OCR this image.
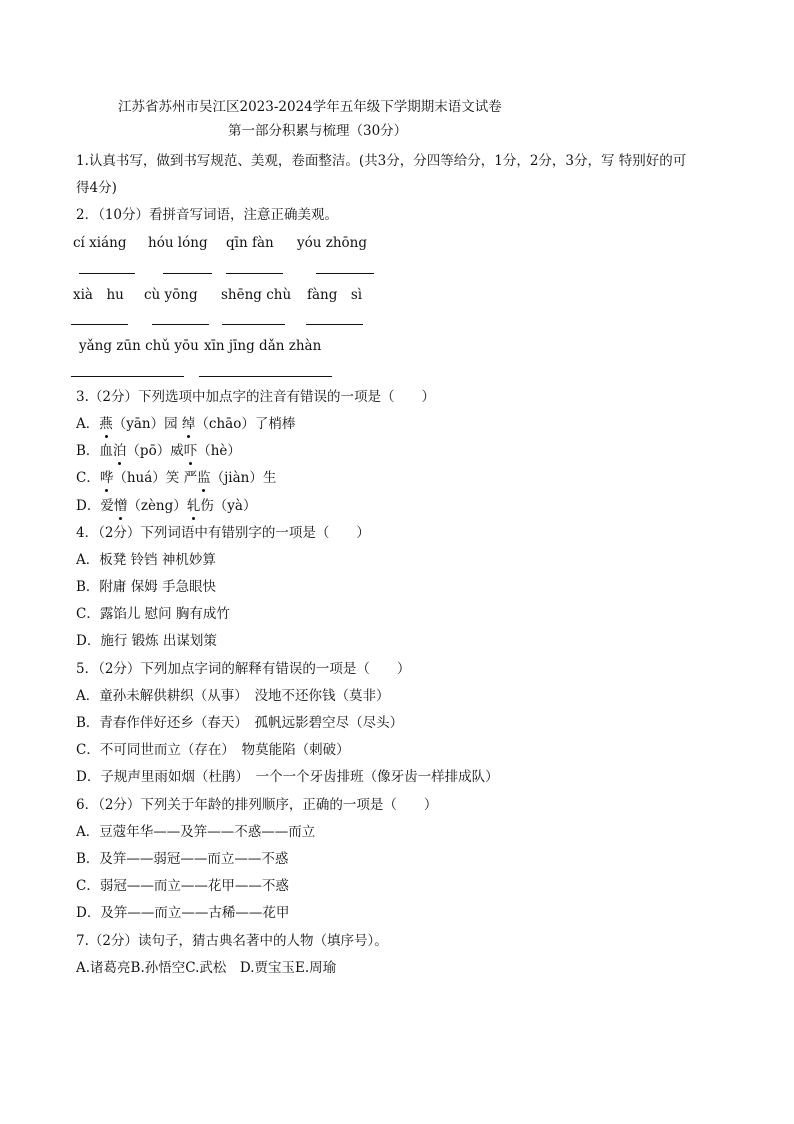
江苏省苏州市吴江区2023-2024学年五年级下学期期末语文试卷
第一部分积累与梳理（30分）
1.认真书写，做到书写规范、美观，卷面整洁。(共3分，分四等给分，1分，2分，3分，写 特别好的可
得4分)
2．（10分）看拼音写词语，注意正确美观。
cí xiáng hóu lóng qīn fàn yóu zhōng
xià　hu cù yōng shēng chù fàng　sì
yǎng zūn chǔ yōu xīn jīng dǎn zhàn
3.（2分）下列选项中加点字的注音有错误的一项是（　　）
A．燕（yān）园 绰（chāo）了梢棒
B．血泊（pō）威吓（hè）
C．哗（huá）笑 严监（jiàn）生
D．爱憎（zèng）轧伤（yà）
4．（2分）下列词语中有错别字的一项是（　　）
A．板凳 铃铛 神机妙算
B．附庸 保姆 手急眼快
C．露馅儿 慰问 胸有成竹
D．施行 锻炼 出谋划策
5．（2分）下列加点字词的解释有错误的一项是（　　）
A．童孙未解供耕织（从事）　没地不还你钱（莫非）
B．青春作伴好还乡（春天）　孤帆远影碧空尽（尽头）
C．不可同世而立（存在）　物莫能陷（刺破）
D．子规声里雨如烟（杜鹃）　一个一个牙齿排班（像牙齿一样排成队）
6．（2分）下列关于年龄的排列顺序，正确的一项是（　　）
A．豆蔻年华——及笄——不惑——而立
B．及笄——弱冠——而立——不惑
C．弱冠——而立——花甲——不惑
D．及笄——而立——古稀——花甲
7.（2分）读句子，猜古典名著中的人物（填序号）。
A.诸葛亮B.孙悟空C.武松　D.贾宝玉E.周瑜
